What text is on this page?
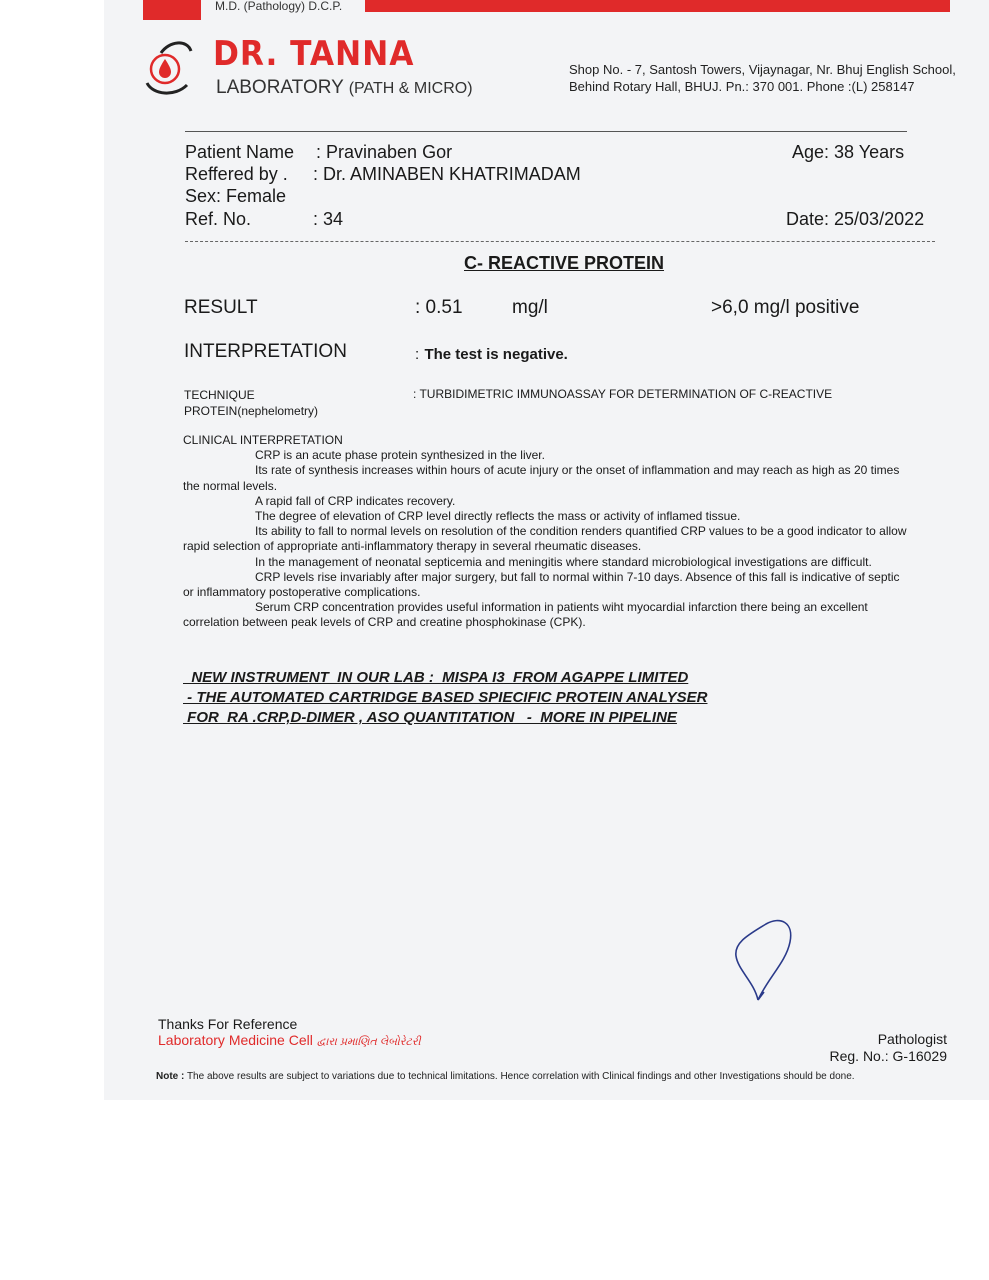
M.D. (Pathology) D.C.P.
DR. TANNA
LABORATORY (PATH & MICRO)
Shop No. - 7, Santosh Towers, Vijaynagar, Nr. Bhuj English School,
Behind Rotary Hall, BHUJ. Pn.: 370 001. Phone :(L) 258147
Patient Name : Pravinaben Gor	Age: 38 Years
Reffered by . : Dr. AMINABEN KHATRIMADAM
Sex: Female
Ref. No.	: 34	Date: 25/03/2022
C- REACTIVE PROTEIN
RESULT	: 0.51	mg/l	>6,0 mg/l positive
INTERPRETATION	: The test is negative.
TECHNIQUE	: TURBIDIMETRIC IMMUNOASSAY FOR DETERMINATION OF C-REACTIVE
PROTEIN(nephelometry)
CLINICAL INTERPRETATION

CRP is an acute phase protein synthesized in the liver.

Its rate of synthesis increases within hours of acute injury or the onset of inflammation and may reach as high as 20 times

the normal levels.

A rapid fall of CRP indicates recovery.

The degree of elevation of CRP level directly reflects the mass or activity of inflamed tissue.

Its ability to fall to normal levels on resolution of the condition renders quantified CRP values to be a good indicator to allow

rapid selection of appropriate anti-inflammatory therapy in several rheumatic diseases.

In the management of neonatal septicemia and meningitis where standard microbiological investigations are difficult.

CRP levels rise invariably after major surgery, but fall to normal within 7-10 days. Absence of this fall is indicative of septic

or inflammatory postoperative complications.

Serum CRP concentration provides useful information in patients wiht myocardial infarction there being an excellent

correlation between peak levels of CRP and creatine phosphokinase (CPK).

NEW INSTRUMENT  IN OUR LAB :  MISPA I3  FROM AGAPPE LIMITED
- THE AUTOMATED CARTRIDGE BASED SPIECIFIC PROTEIN ANALYSER
FOR  RA .CRP,D-DIMER , ASO QUANTITATION   -  MORE IN PIPELINE
Thanks For Reference
Laboratory Medicine Cell દ્વારા પ્રમાણિત લેબોરેટરી	Pathologist
Reg. No.: G-16029
Note : The above results are subject to variations due to technical limitations. Hence correlation with Clinical findings and other Investigations should be done.
